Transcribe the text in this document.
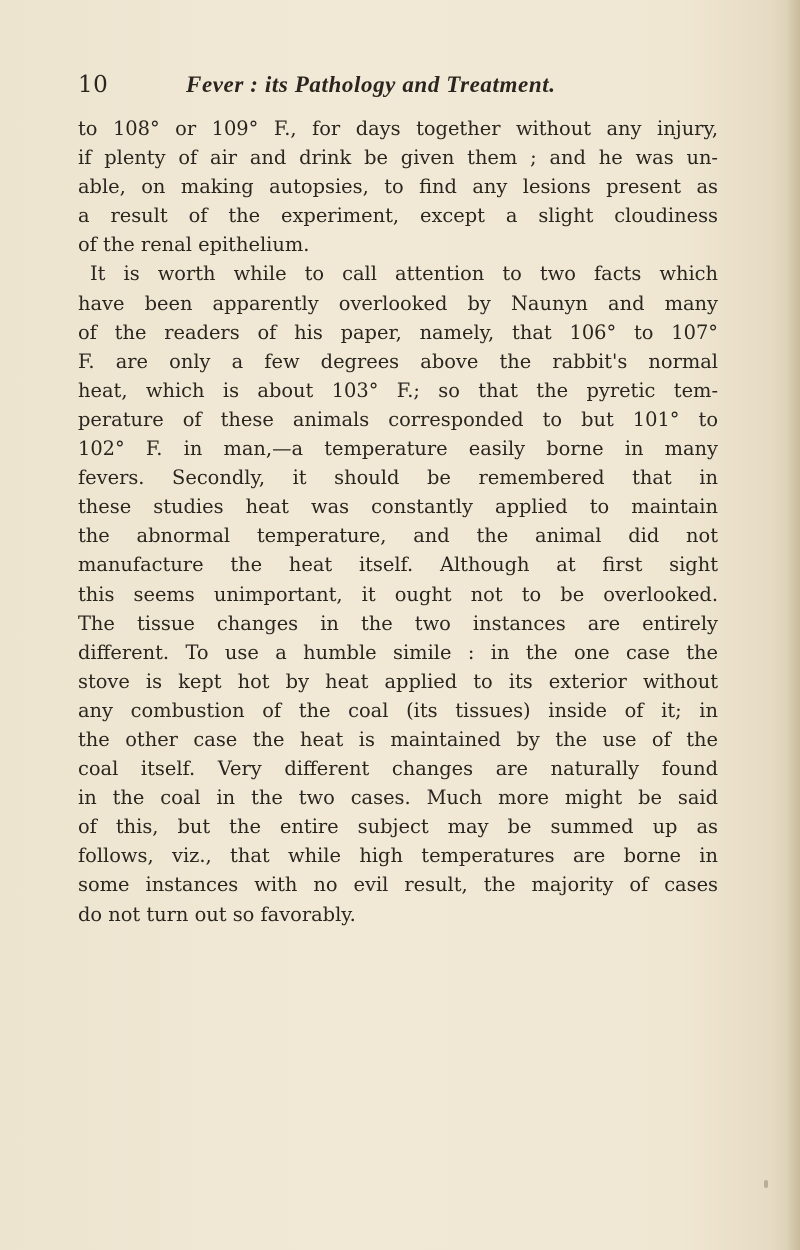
10	Fever : its Pathology and Treatment.
to 108° or 109° F., for days together without any injury,
if plenty of air and drink be given them ; and he was un-
able, on making autopsies, to find any lesions present as
a result of the experiment, except a slight cloudiness
of the renal epithelium.
It is worth while to call attention to two facts which
have been apparently overlooked by Naunyn and many
of the readers of his paper, namely, that 106° to 107°
F. are only a few degrees above the rabbit's normal
heat, which is about 103° F.; so that the pyretic tem-
perature of these animals corresponded to but 101° to
102° F. in man,—a temperature easily borne in many
fevers. Secondly, it should be remembered that in
these studies heat was constantly applied to maintain
the abnormal temperature, and the animal did not
manufacture the heat itself. Although at first sight
this seems unimportant, it ought not to be overlooked.
The tissue changes in the two instances are entirely
different. To use a humble simile : in the one case the
stove is kept hot by heat applied to its exterior without
any combustion of the coal (its tissues) inside of it; in
the other case the heat is maintained by the use of the
coal itself. Very different changes are naturally found
in the coal in the two cases. Much more might be said
of this, but the entire subject may be summed up as
follows, viz., that while high temperatures are borne in
some instances with no evil result, the majority of cases
do not turn out so favorably.
